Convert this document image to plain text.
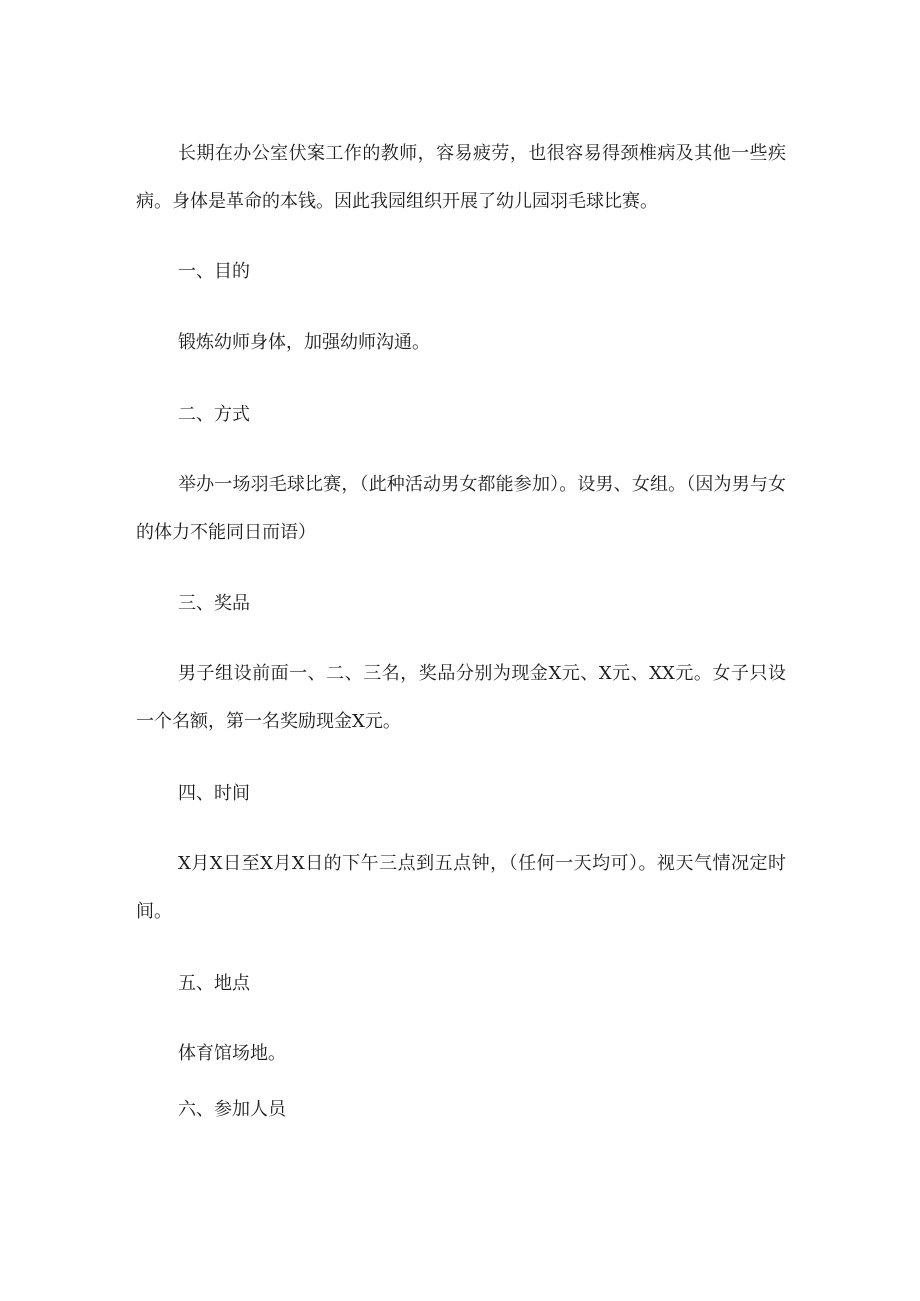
长期在办公室伏案工作的教师，容易疲劳，也很容易得颈椎病及其他一些疾病。身体是革命的本钱。因此我园组织开展了幼儿园羽毛球比赛。

一、目的

锻炼幼师身体，加强幼师沟通。

二、方式

举办一场羽毛球比赛，（此种活动男女都能参加）。设男、女组。（因为男与女的体力不能同日而语）

三、奖品

男子组设前面一、二、三名，奖品分别为现金X元、X元、XX元。女子只设一个名额，第一名奖励现金X元。

四、时间

X月X日至X月X日的下午三点到五点钟，（任何一天均可）。视天气情况定时间。

五、地点

体育馆场地。

六、参加人员
